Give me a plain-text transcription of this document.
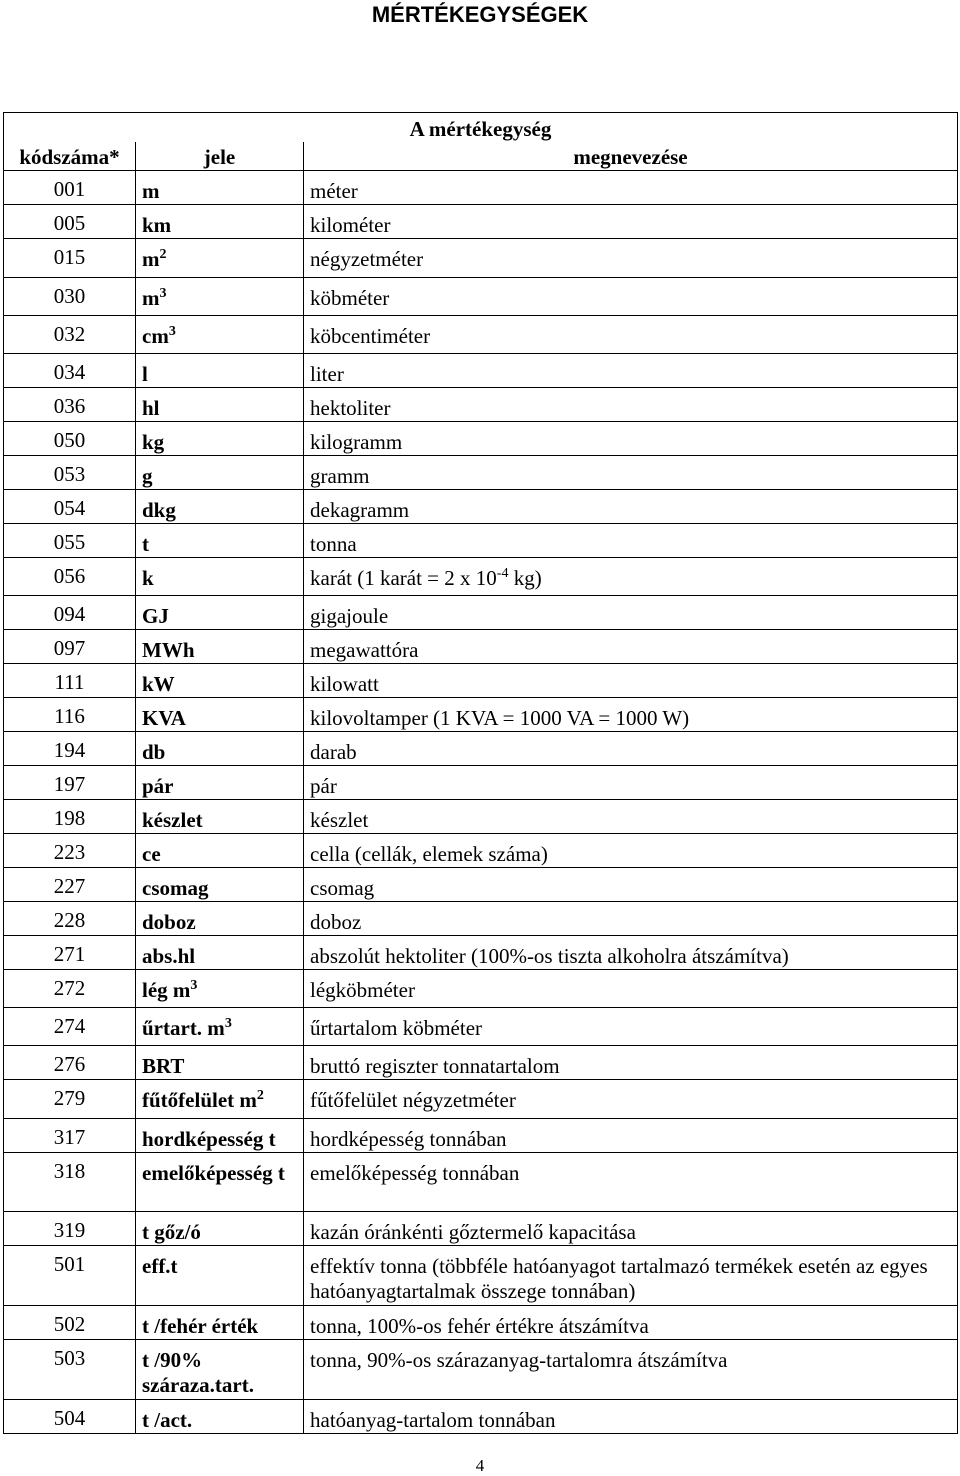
MÉRTÉKEGYSÉGEK
A mértékegység		
kódszáma*	jele	megnevezése
001	m	méter
005	km	kilométer
015	$m^2$	négyzetméter
030	$m^3$	köbméter
032	$cm^3$	köbcentiméter
034	l	liter
036	hl	hektoliter
050	kg	kilogramm
053	g	gramm
054	dkg	dekagramm
055	t	tonna
056	k	karát (1 karát = 2 x $10^{-4}$ kg)
094	GJ	gigajoule
097	MWh	megawattóra
111	kW	kilowatt
116	KVA	kilovoltamper (1 KVA = 1000 VA = 1000 W)
194	db	darab
197	pár	pár
198	készlet	készlet
223	ce	cella (cellák, elemek száma)
227	csomag	csomag
228	doboz	doboz
271	abs.hl	abszolút hektoliter (100%-os tiszta alkoholra átszámítva)
272	lég $m^3$	légköbméter
274	űrtart. $m^3$	űrtartalom köbméter
276	BRT	bruttó regiszter tonnatartalom
279	fűtőfelület $m^2$	fűtőfelület négyzetméter
317	hordképesség t	hordképesség tonnában
318	emelőképesség t	emelőképesség tonnában
319	t gőz/ó	kazán óránkénti gőztermelő kapacitása
501	eff.t	effektív tonna (többféle hatóanyagot tartalmazó termékek esetén az egyes hatóanyagtartalmak összege tonnában)
502	t /fehér érték	tonna, 100%-os fehér értékre átszámítva
503	t /90% száraza.tart.	tonna, 90%-os szárazanyag-tartalomra átszámítva
504	t /act.	hatóanyag-tartalom tonnában
4
